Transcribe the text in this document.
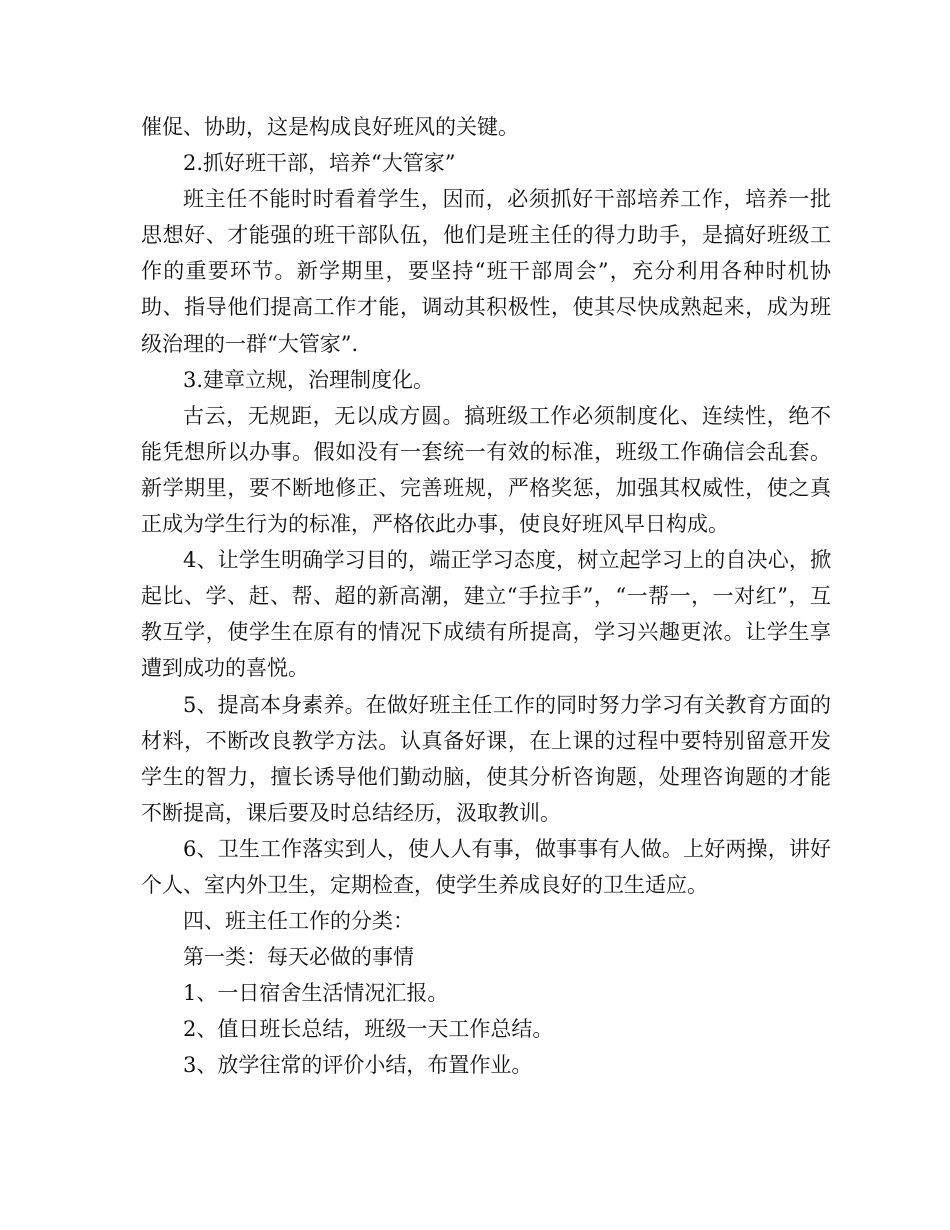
催促、协助，这是构成良好班风的关键。

2.抓好班干部，培养“大管家”

班主任不能时时看着学生，因而，必须抓好干部培养工作，培养一批思想好、才能强的班干部队伍，他们是班主任的得力助手，是搞好班级工作的重要环节。新学期里，要坚持“班干部周会”，充分利用各种时机协助、指导他们提高工作才能，调动其积极性，使其尽快成熟起来，成为班级治理的一群“大管家”.

3.建章立规，治理制度化。

古云，无规距，无以成方圆。搞班级工作必须制度化、连续性，绝不能凭想所以办事。假如没有一套统一有效的标准，班级工作确信会乱套。新学期里，要不断地修正、完善班规，严格奖惩，加强其权威性，使之真正成为学生行为的标准，严格依此办事，使良好班风早日构成。

4、让学生明确学习目的，端正学习态度，树立起学习上的自决心，掀起比、学、赶、帮、超的新高潮，建立“手拉手”，“一帮一，一对红”，互教互学，使学生在原有的情况下成绩有所提高，学习兴趣更浓。让学生享遭到成功的喜悦。

5、提高本身素养。在做好班主任工作的同时努力学习有关教育方面的材料，不断改良教学方法。认真备好课，在上课的过程中要特别留意开发学生的智力，擅长诱导他们勤动脑，使其分析咨询题，处理咨询题的才能不断提高，课后要及时总结经历，汲取教训。

6、卫生工作落实到人，使人人有事，做事事有人做。上好两操，讲好个人、室内外卫生，定期检查，使学生养成良好的卫生适应。

四、班主任工作的分类：

第一类：每天必做的事情

1、一日宿舍生活情况汇报。

2、值日班长总结，班级一天工作总结。

3、放学往常的评价小结，布置作业。
